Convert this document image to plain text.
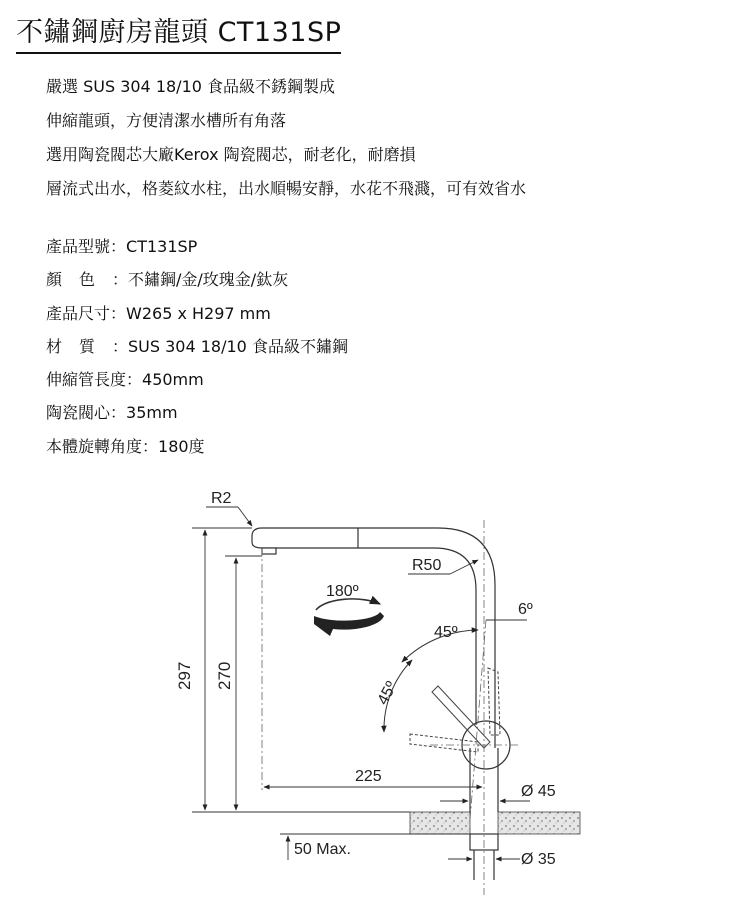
不鏽鋼廚房龍頭 CT131SP
嚴選 SUS 304 18/10 食品級不銹鋼製成
伸縮龍頭，方便清潔水槽所有角落
選用陶瓷閥芯大廠Kerox 陶瓷閥芯，耐老化，耐磨損
層流式出水，格菱紋水柱，出水順暢安靜，水花不飛濺，可有效省水
產品型號：CT131SP
顏色：不鏽鋼/金/玫瑰金/鈦灰
產品尺寸：W265 x H297 mm
材質：SUS 304 18/10 食品級不鏽鋼
伸縮管長度：450mm
陶瓷閥心：35mm
本體旋轉角度：180度
R2
R50
180º
45º
6º
45º
297 270
225
Ø 45
Ø 35
50 Max.
